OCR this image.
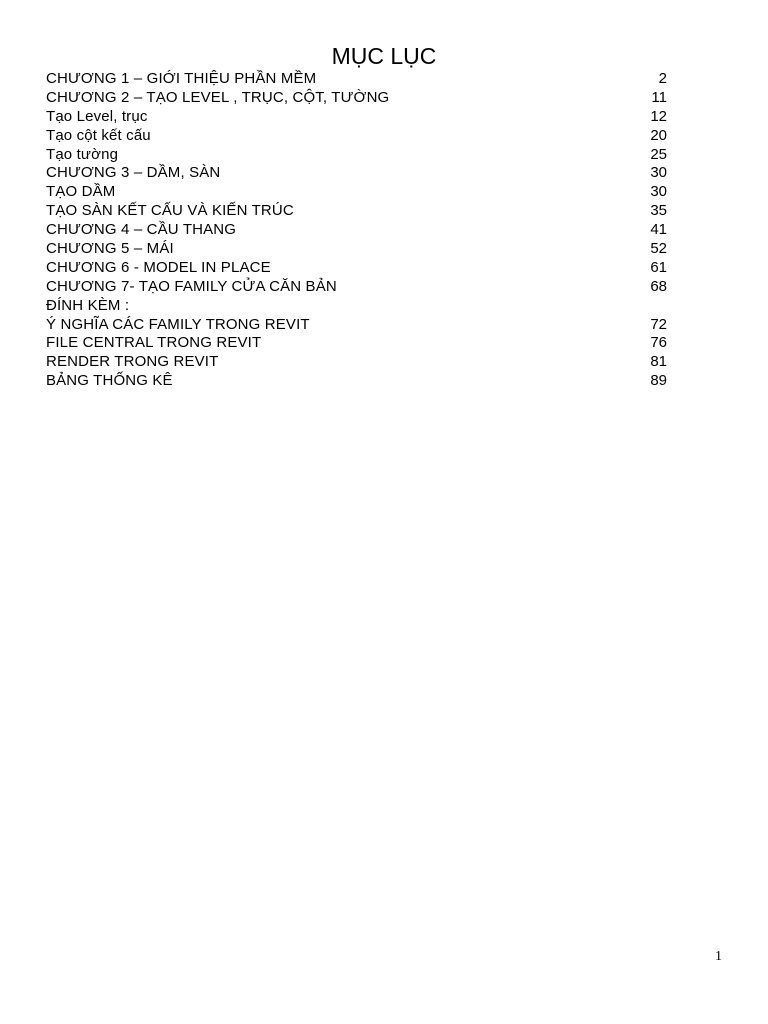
MỤC LỤC
CHƯƠNG 1 – GIỚI THIỆU PHẦN MỀM	2
CHƯƠNG 2 – TẠO LEVEL , TRỤC, CỘT, TƯỜNG	11
Tạo Level, trục	12
Tạo cột kết cấu	20
Tạo tường	25
CHƯƠNG 3 – DẦM, SÀN	30
TẠO DẦM	30
TẠO SÀN KẾT CẤU VÀ KIẾN TRÚC	35
CHƯƠNG 4 – CẦU THANG	41
CHƯƠNG 5 – MÁI	52
CHƯƠNG 6 - MODEL IN PLACE	61
CHƯƠNG 7- TẠO FAMILY CỬA CĂN BẢN	68
ĐÍNH KÈM :
Ý NGHĨA CÁC FAMILY TRONG REVIT	72
FILE CENTRAL TRONG REVIT	76
RENDER TRONG REVIT	81
BẢNG THỐNG KÊ	89
1
